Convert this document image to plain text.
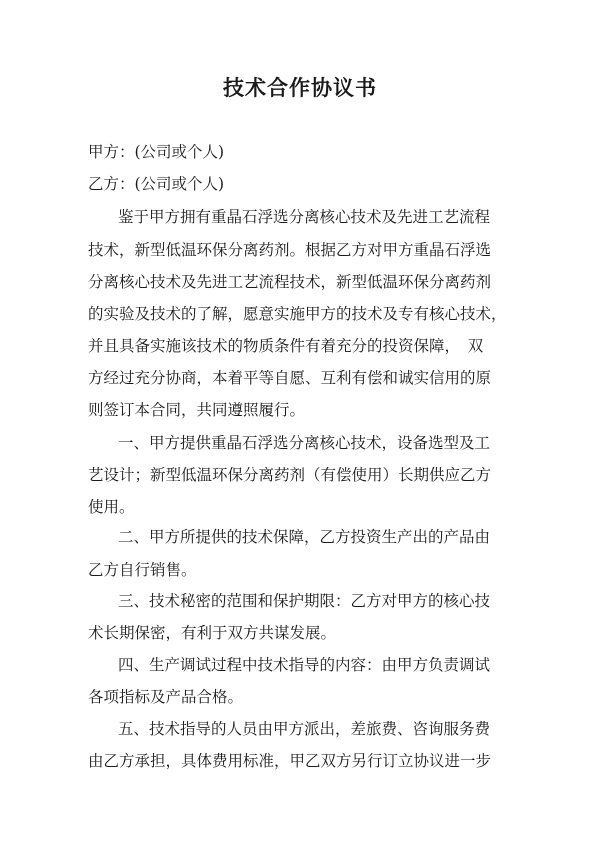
技术合作协议书
甲方：(公司或个人)
乙方：(公司或个人)
鉴于甲方拥有重晶石浮选分离核心技术及先进工艺流程
技术，新型低温环保分离药剂。根据乙方对甲方重晶石浮选
分离核心技术及先进工艺流程技术，新型低温环保分离药剂
的实验及技术的了解，愿意实施甲方的技术及专有核心技术，
并且具备实施该技术的物质条件有着充分的投资保障，　双
方经过充分协商，本着平等自愿、互利有偿和诚实信用的原
则签订本合同，共同遵照履行。
一、甲方提供重晶石浮选分离核心技术，设备选型及工
艺设计；新型低温环保分离药剂（有偿使用）长期供应乙方
使用。
二、甲方所提供的技术保障，乙方投资生产出的产品由
乙方自行销售。
三、技术秘密的范围和保护期限：乙方对甲方的核心技
术长期保密，有利于双方共谋发展。
四、生产调试过程中技术指导的内容：由甲方负责调试
各项指标及产品合格。
五、技术指导的人员由甲方派出，差旅费、咨询服务费
由乙方承担，具体费用标准，甲乙双方另行订立协议进一步
